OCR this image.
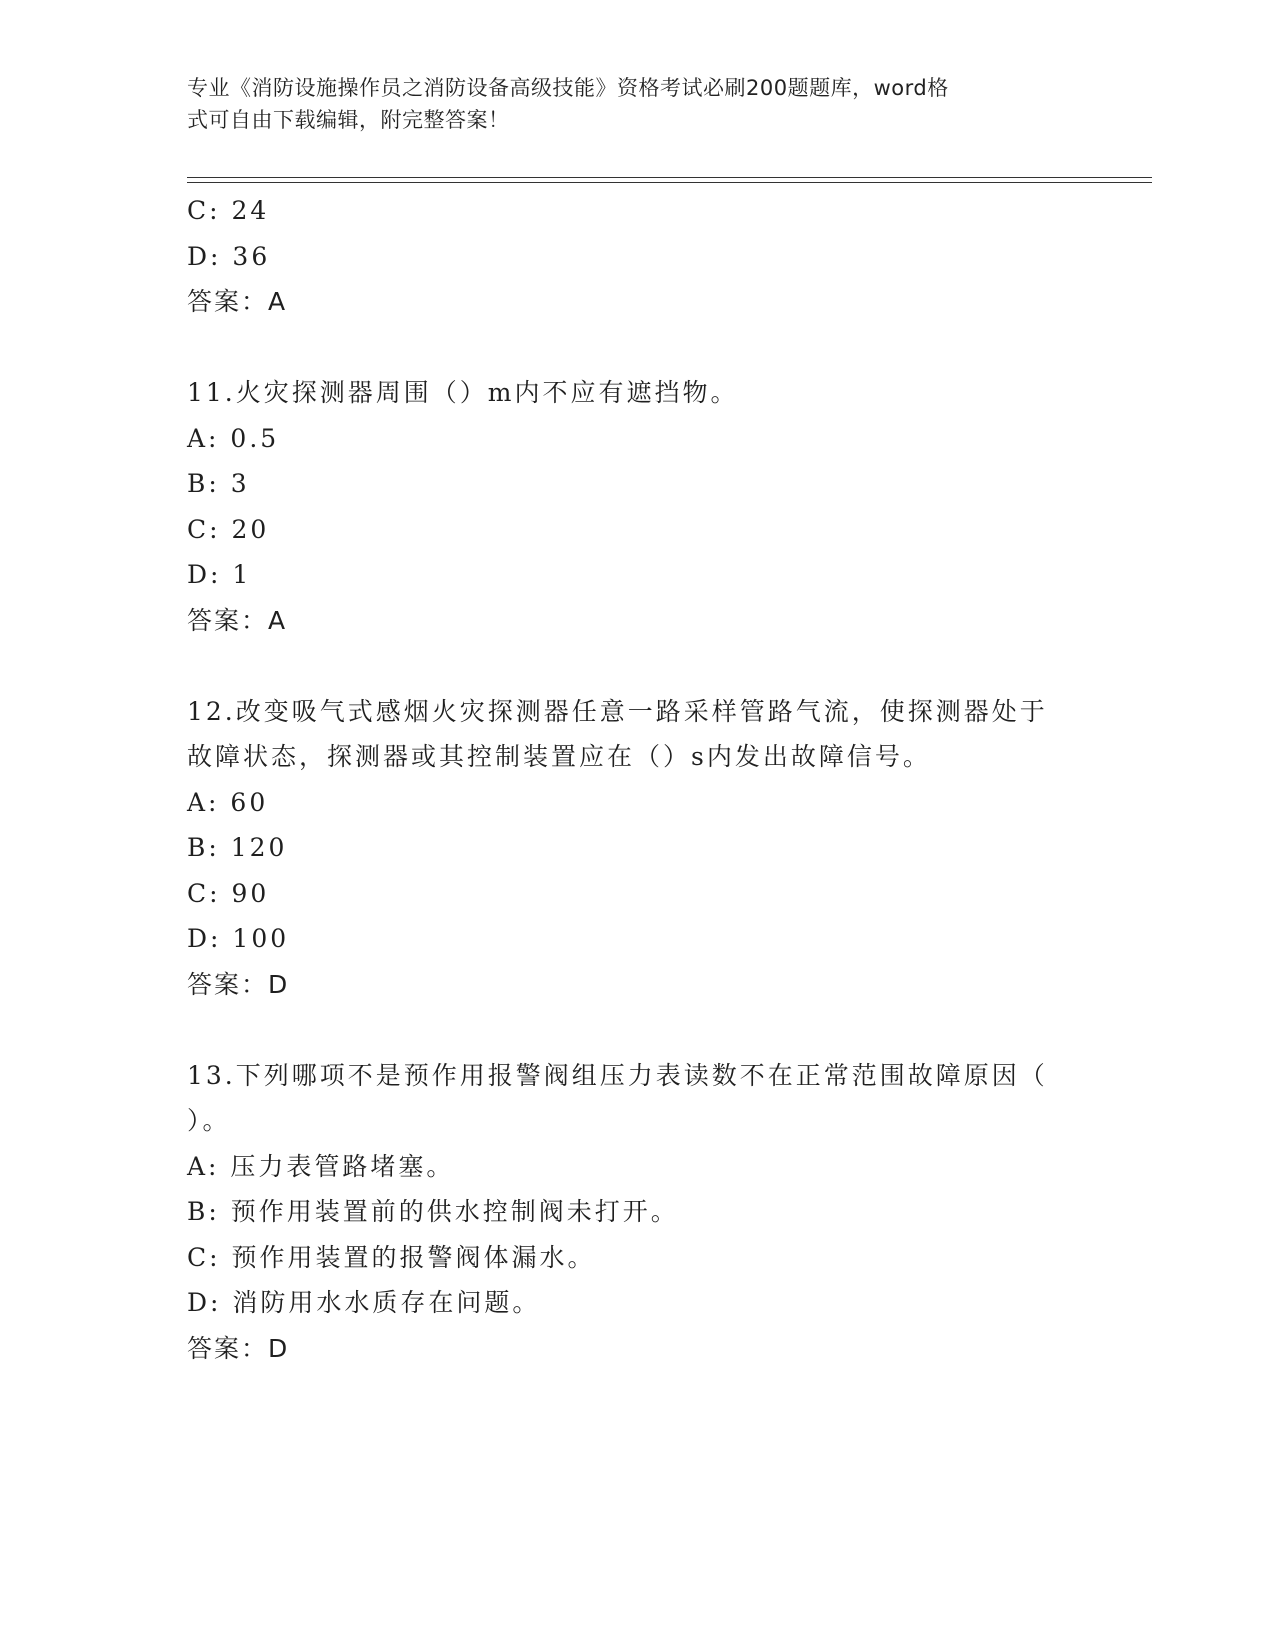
专业《消防设施操作员之消防设备高级技能》资格考试必刷200题题库，word格
式可自由下载编辑，附完整答案！
C: 24
D: 36
答案：A
11.火灾探测器周围（）m内不应有遮挡物。
A: 0.5
B: 3
C: 20
D: 1
答案：A
12.改变吸气式感烟火灾探测器任意一路采样管路气流，使探测器处于
故障状态，探测器或其控制装置应在（）s内发出故障信号。
A: 60
B: 120
C: 90
D: 100
答案：D
13.下列哪项不是预作用报警阀组压力表读数不在正常范围故障原因（
）。
A: 压力表管路堵塞。
B: 预作用装置前的供水控制阀未打开。
C: 预作用装置的报警阀体漏水。
D: 消防用水水质存在问题。
答案：D
